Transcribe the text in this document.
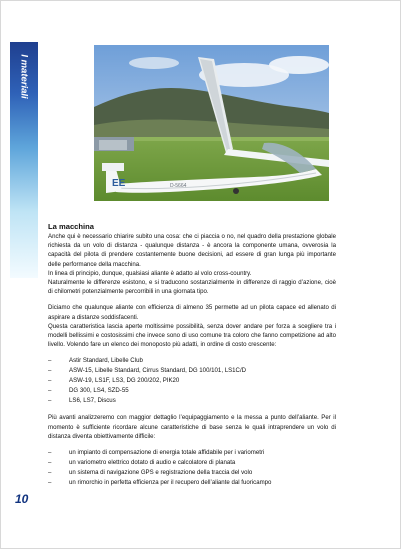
I materiali
EE	D-5664

La macchina

Anche qui è necessario chiarire subito una cosa: che ci piaccia o no, nel quadro della prestazione globale richiesta da un volo di distanza - qualunque distanza - è ancora la componente umana, ovverosia la capacità del pilota di prendere costantemente buone decisioni, ad essere di gran lunga più importante delle performance della macchina.

In linea di principio, dunque, qualsiasi aliante è adatto al volo cross-country.

Naturalmente le differenze esistono, e si traducono sostanzialmente in differenze di raggio d’azione, cioè di chilometri potenzialmente percorribili in una giornata tipo.

Diciamo che qualunque aliante con efficienza di almeno 35 permette ad un pilota capace ed allenato di aspirare a distanze soddisfacenti.

Questa caratteristica lascia aperte moltissime possibilità, senza dover andare per forza a scegliere tra i modelli bellissimi e costosissimi che invece sono di uso comune tra coloro che fanno competizione ad alto livello. Volendo fare un elenco dei monoposto più adatti, in ordine di costo crescente:

–	Astir Standard, Libelle Club
–	ASW-15, Libelle Standard, Cirrus Standard, DG 100/101, LS1C/D
–	ASW-19, LS1F, LS3, DG 200/202, PIK20
–	DG 300, LS4, SZD-55
–	LS6, LS7, Discus

Più avanti analizzeremo con maggior dettaglio l’equipaggiamento e la messa a punto dell’aliante. Per il momento è sufficiente ricordare alcune caratteristiche di base senza le quali intraprendere un volo di distanza diventa obiettivamente difficile:

–	un impianto di compensazione di energia totale affidabile per i variometri
–	un variometro elettrico dotato di audio e calcolatore di planata
–	un sistema di navigazione GPS e registrazione della traccia del volo
–	un rimorchio in perfetta efficienza per il recupero dell’aliante dal fuoricampo
10
